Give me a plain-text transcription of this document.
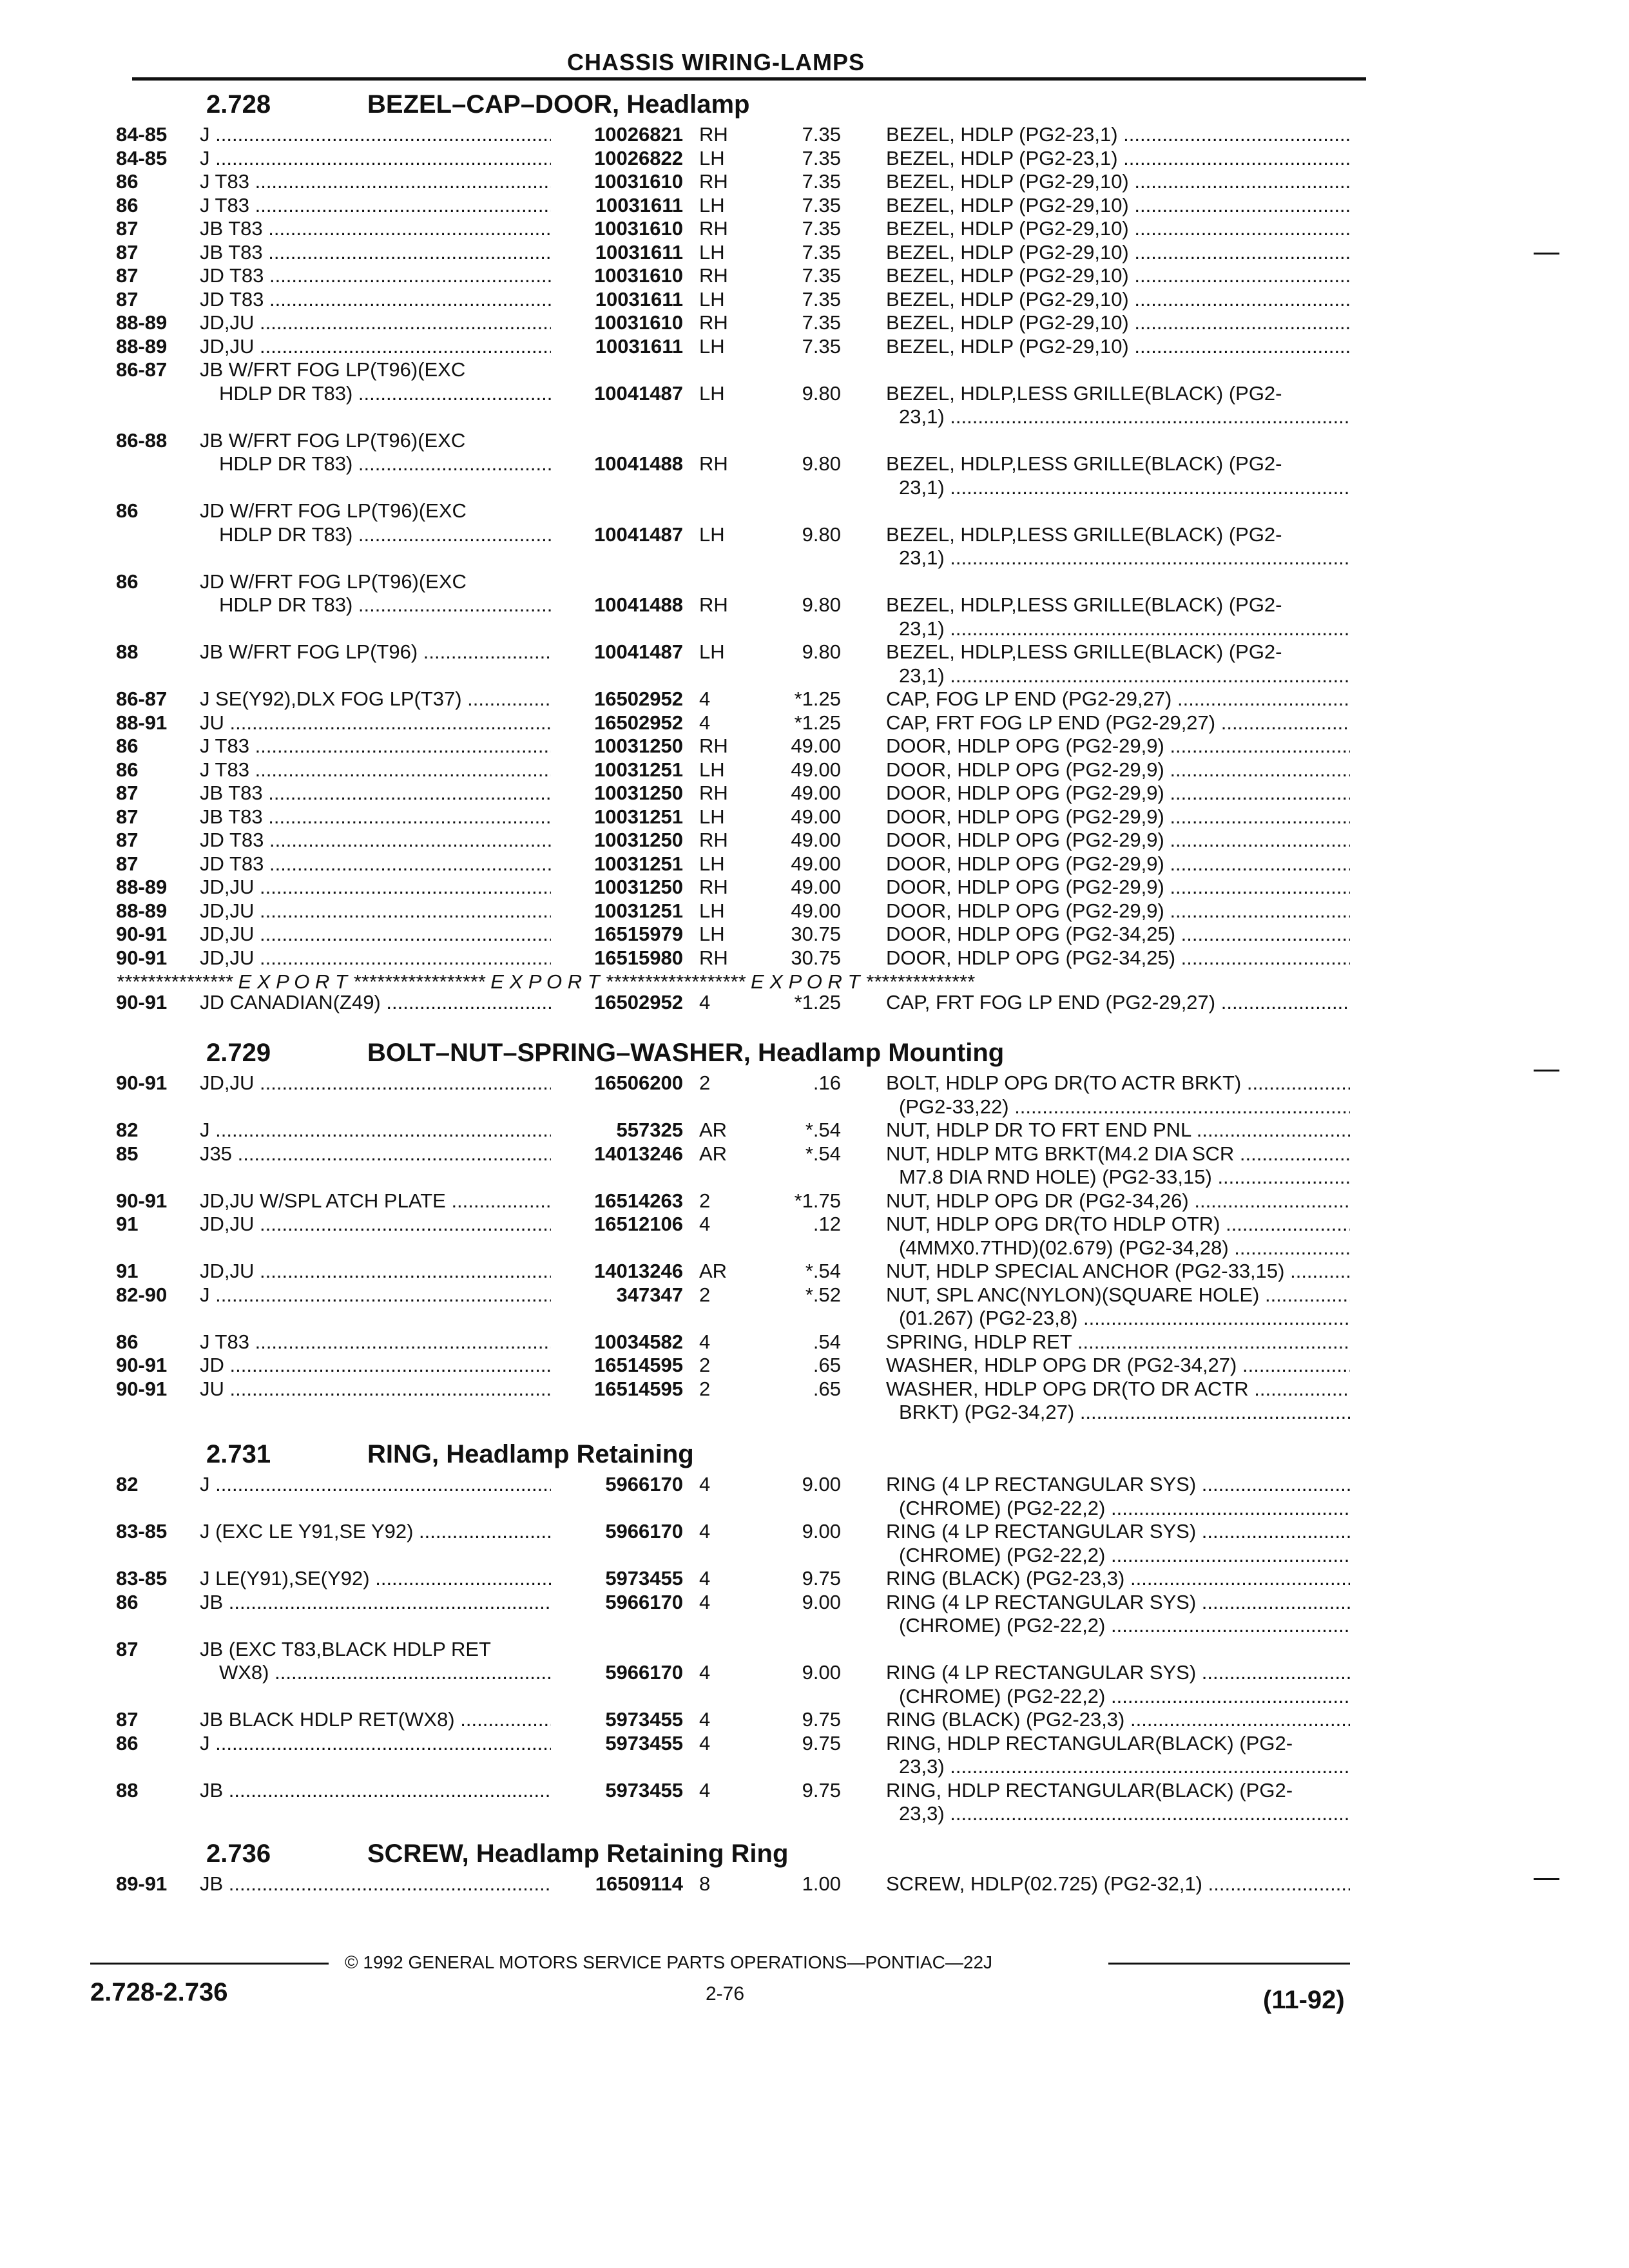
CHASSIS WIRING-LAMPS
2.728	BEZEL–CAP–DOOR, Headlamp
84-85 J .....	10026821 RH	7.35 BEZEL, HDLP (PG2-23,1) .....
84-85 J .....	10026822 LH	7.35 BEZEL, HDLP (PG2-23,1) .....
86	J T83 .....	10031610 RH	7.35 BEZEL, HDLP (PG2-29,10) .....
86	J T83 .....	10031611 LH	7.35 BEZEL, HDLP (PG2-29,10) .....
87	JB T83 .....	10031610 RH	7.35 BEZEL, HDLP (PG2-29,10) .....
87	JB T83 .....	10031611 LH	7.35 BEZEL, HDLP (PG2-29,10) .....
87	JD T83 .....	10031610 RH	7.35 BEZEL, HDLP (PG2-29,10) .....
87	JD T83 .....	10031611 LH	7.35 BEZEL, HDLP (PG2-29,10) .....
88-89 JD,JU .....	10031610 RH	7.35 BEZEL, HDLP (PG2-29,10) .....
88-89 JD,JU .....	10031611 LH	7.35 BEZEL, HDLP (PG2-29,10) .....
86-87 JB W/FRT FOG LP(T96)(EXC
HDLP DR T83) .....	10041487 LH	9.80 BEZEL, HDLP,LESS GRILLE(BLACK) (PG2-
23,1) .....
86-88 JB W/FRT FOG LP(T96)(EXC
HDLP DR T83) .....	10041488 RH	9.80 BEZEL, HDLP,LESS GRILLE(BLACK) (PG2-
23,1) .....
86	JD W/FRT FOG LP(T96)(EXC
HDLP DR T83) .....	10041487 LH	9.80 BEZEL, HDLP,LESS GRILLE(BLACK) (PG2-
23,1) .....
86	JD W/FRT FOG LP(T96)(EXC
HDLP DR T83) .....	10041488 RH	9.80 BEZEL, HDLP,LESS GRILLE(BLACK) (PG2-
23,1) .....
88	JB W/FRT FOG LP(T96) .....	10041487 LH	9.80 BEZEL, HDLP,LESS GRILLE(BLACK) (PG2-
23,1) .....
86-87 J SE(Y92),DLX FOG LP(T37) .....	16502952 4	*1.25 CAP, FOG LP END (PG2-29,27) .....
88-91 JU .....	16502952 4	*1.25 CAP, FRT FOG LP END (PG2-29,27) .....
86	J T83 .....	10031250 RH	49.00 DOOR, HDLP OPG (PG2-29,9) .....
86	J T83 .....	10031251 LH	49.00 DOOR, HDLP OPG (PG2-29,9) .....
87	JB T83 .....	10031250 RH	49.00 DOOR, HDLP OPG (PG2-29,9) .....
87	JB T83 .....	10031251 LH	49.00 DOOR, HDLP OPG (PG2-29,9) .....
87	JD T83 .....	10031250 RH	49.00 DOOR, HDLP OPG (PG2-29,9) .....
87	JD T83 .....	10031251 LH	49.00 DOOR, HDLP OPG (PG2-29,9) .....
88-89 JD,JU .....	10031250 RH	49.00 DOOR, HDLP OPG (PG2-29,9) .....
88-89 JD,JU .....	10031251 LH	49.00 DOOR, HDLP OPG (PG2-29,9) .....
90-91 JD,JU .....	16515979 LH	30.75 DOOR, HDLP OPG (PG2-34,25) .....
90-91 JD,JU .....	16515980 RH	30.75 DOOR, HDLP OPG (PG2-34,25) .....
*************** E X P O R T ***************** E X P O R T ****************** E X P O R T **************
90-91 JD CANADIAN(Z49) .....	16502952 4	*1.25 CAP, FRT FOG LP END (PG2-29,27) .....
2.729	BOLT–NUT–SPRING–WASHER, Headlamp Mounting
90-91 JD,JU .....	16506200 2	.16 BOLT, HDLP OPG DR(TO ACTR BRKT) .....
(PG2-33,22) .....
82	J .....	557325 AR	*.54 NUT, HDLP DR TO FRT END PNL .....
85	J35 .....	14013246 AR	*.54 NUT, HDLP MTG BRKT(M4.2 DIA SCR .....
M7.8 DIA RND HOLE) (PG2-33,15) .....
90-91 JD,JU W/SPL ATCH PLATE .....	16514263 2	*1.75 NUT, HDLP OPG DR (PG2-34,26) .....
91	JD,JU .....	16512106 4	.12 NUT, HDLP OPG DR(TO HDLP OTR) .....
(4MMX0.7THD)(02.679) (PG2-34,28) .....
91	JD,JU .....	14013246 AR	*.54 NUT, HDLP SPECIAL ANCHOR (PG2-33,15) .....
82-90 J .....	347347 2	*.52 NUT, SPL ANC(NYLON)(SQUARE HOLE) .....
(01.267) (PG2-23,8) .....
86	J T83 .....	10034582 4	.54 SPRING, HDLP RET .....
90-91 JD .....	16514595 2	.65 WASHER, HDLP OPG DR (PG2-34,27) .....
90-91 JU .....	16514595 2	.65 WASHER, HDLP OPG DR(TO DR ACTR .....
BRKT) (PG2-34,27) .....
2.731	RING, Headlamp Retaining
82	J .....	5966170 4	9.00 RING (4 LP RECTANGULAR SYS) .....
(CHROME) (PG2-22,2) .....
83-85 J (EXC LE Y91,SE Y92) .....	5966170 4	9.00 RING (4 LP RECTANGULAR SYS) .....
(CHROME) (PG2-22,2) .....
83-85 J LE(Y91),SE(Y92) .....	5973455 4	9.75 RING (BLACK) (PG2-23,3) .....
86	JB .....	5966170 4	9.00 RING (4 LP RECTANGULAR SYS) .....
(CHROME) (PG2-22,2) .....
87	JB (EXC T83,BLACK HDLP RET
WX8) .....	5966170 4	9.00 RING (4 LP RECTANGULAR SYS) .....
(CHROME) (PG2-22,2) .....
87	JB BLACK HDLP RET(WX8) .....	5973455 4	9.75 RING (BLACK) (PG2-23,3) .....
86	J .....	5973455 4	9.75 RING, HDLP RECTANGULAR(BLACK) (PG2-
23,3) .....
88	JB .....	5973455 4	9.75 RING, HDLP RECTANGULAR(BLACK) (PG2-
23,3) .....
2.736	SCREW, Headlamp Retaining Ring
89-91 JB .....	16509114 8	1.00 SCREW, HDLP(02.725) (PG2-32,1) .....
© 1992 GENERAL MOTORS SERVICE PARTS OPERATIONS—PONTIAC—22J
2.728-2.736	2-76	(11-92)
